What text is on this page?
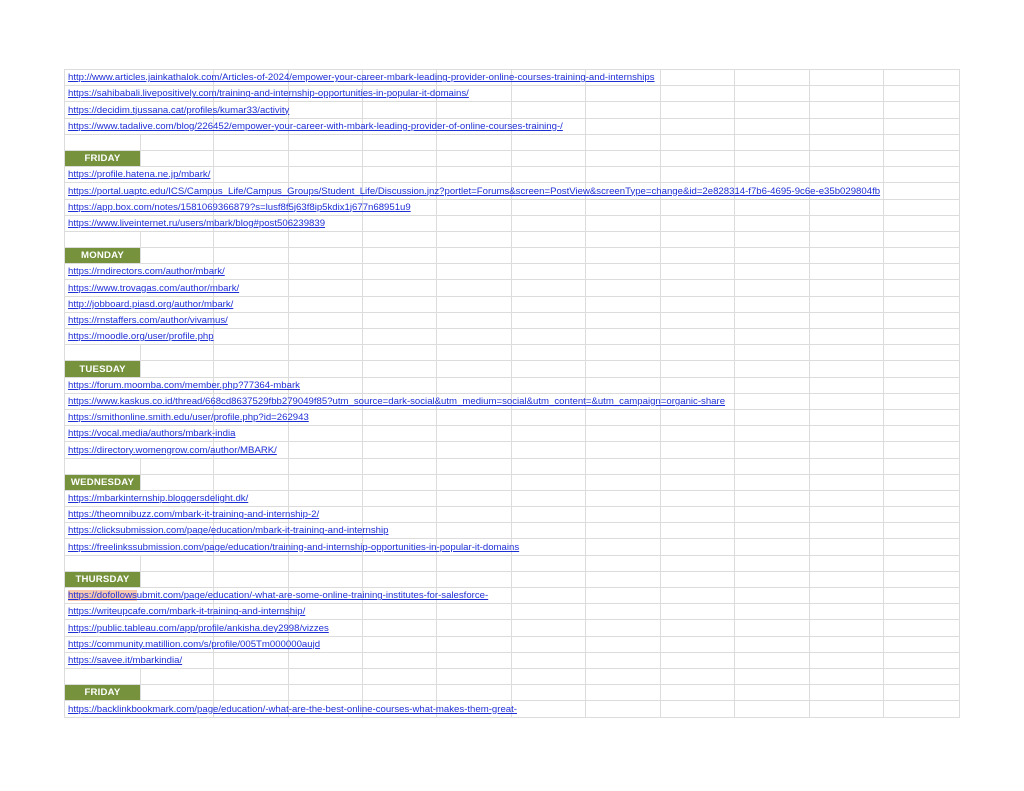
http://www.articles.jainkathalok.com/Articles-of-2024/empower-your-career-mbark-leading-provider-online-courses-training-and-internships											
https://sahibabali.livepositively.com/training-and-internship-opportunities-in-popular-it-domains/											
https://decidim.tjussana.cat/profiles/kumar33/activity											
https://www.tadalive.com/blog/226452/empower-your-career-with-mbark-leading-provider-of-online-courses-training-/											

FRIDAY											
https://profile.hatena.ne.jp/mbark/											
https://portal.uaptc.edu/ICS/Campus_Life/Campus_Groups/Student_Life/Discussion.jnz?portlet=Forums&screen=PostView&screenType=change&id=2e828314-f7b6-4695-9c6e-e35b029804fb											
https://app.box.com/notes/1581069366879?s=lusf8f5j63f8ip5kdix1j677n68951u9											
https://www.liveinternet.ru/users/mbark/blog#post506239839											

MONDAY											
https://rndirectors.com/author/mbark/											
https://www.trovagas.com/author/mbark/											
http://jobboard.piasd.org/author/mbark/											
https://rnstaffers.com/author/vivamus/											
https://moodle.org/user/profile.php											

TUESDAY											
https://forum.moomba.com/member.php?77364-mbark											
https://www.kaskus.co.id/thread/668cd8637529fbb279049f85?utm_source=dark-social&utm_medium=social&utm_content=&utm_campaign=organic-share											
https://smithonline.smith.edu/user/profile.php?id=262943											
https://vocal.media/authors/mbark-india											
https://directory.womengrow.com/author/MBARK/											

WEDNESDAY											
https://mbarkinternship.bloggersdelight.dk/											
https://theomnibuzz.com/mbark-it-training-and-internship-2/											
https://clicksubmission.com/page/education/mbark-it-training-and-internship											
https://freelinkssubmission.com/page/education/training-and-internship-opportunities-in-popular-it-domains											

THURSDAY											
https://dofollowsubmit.com/page/education/-what-are-some-online-training-institutes-for-salesforce-											
https://writeupcafe.com/mbark-it-training-and-internship/											
https://public.tableau.com/app/profile/ankisha.dey2998/vizzes											
https://community.matillion.com/s/profile/005Tm000000aujd											
https://savee.it/mbarkindia/											

FRIDAY											
https://backlinkbookmark.com/page/education/-what-are-the-best-online-courses-what-makes-them-great-											
